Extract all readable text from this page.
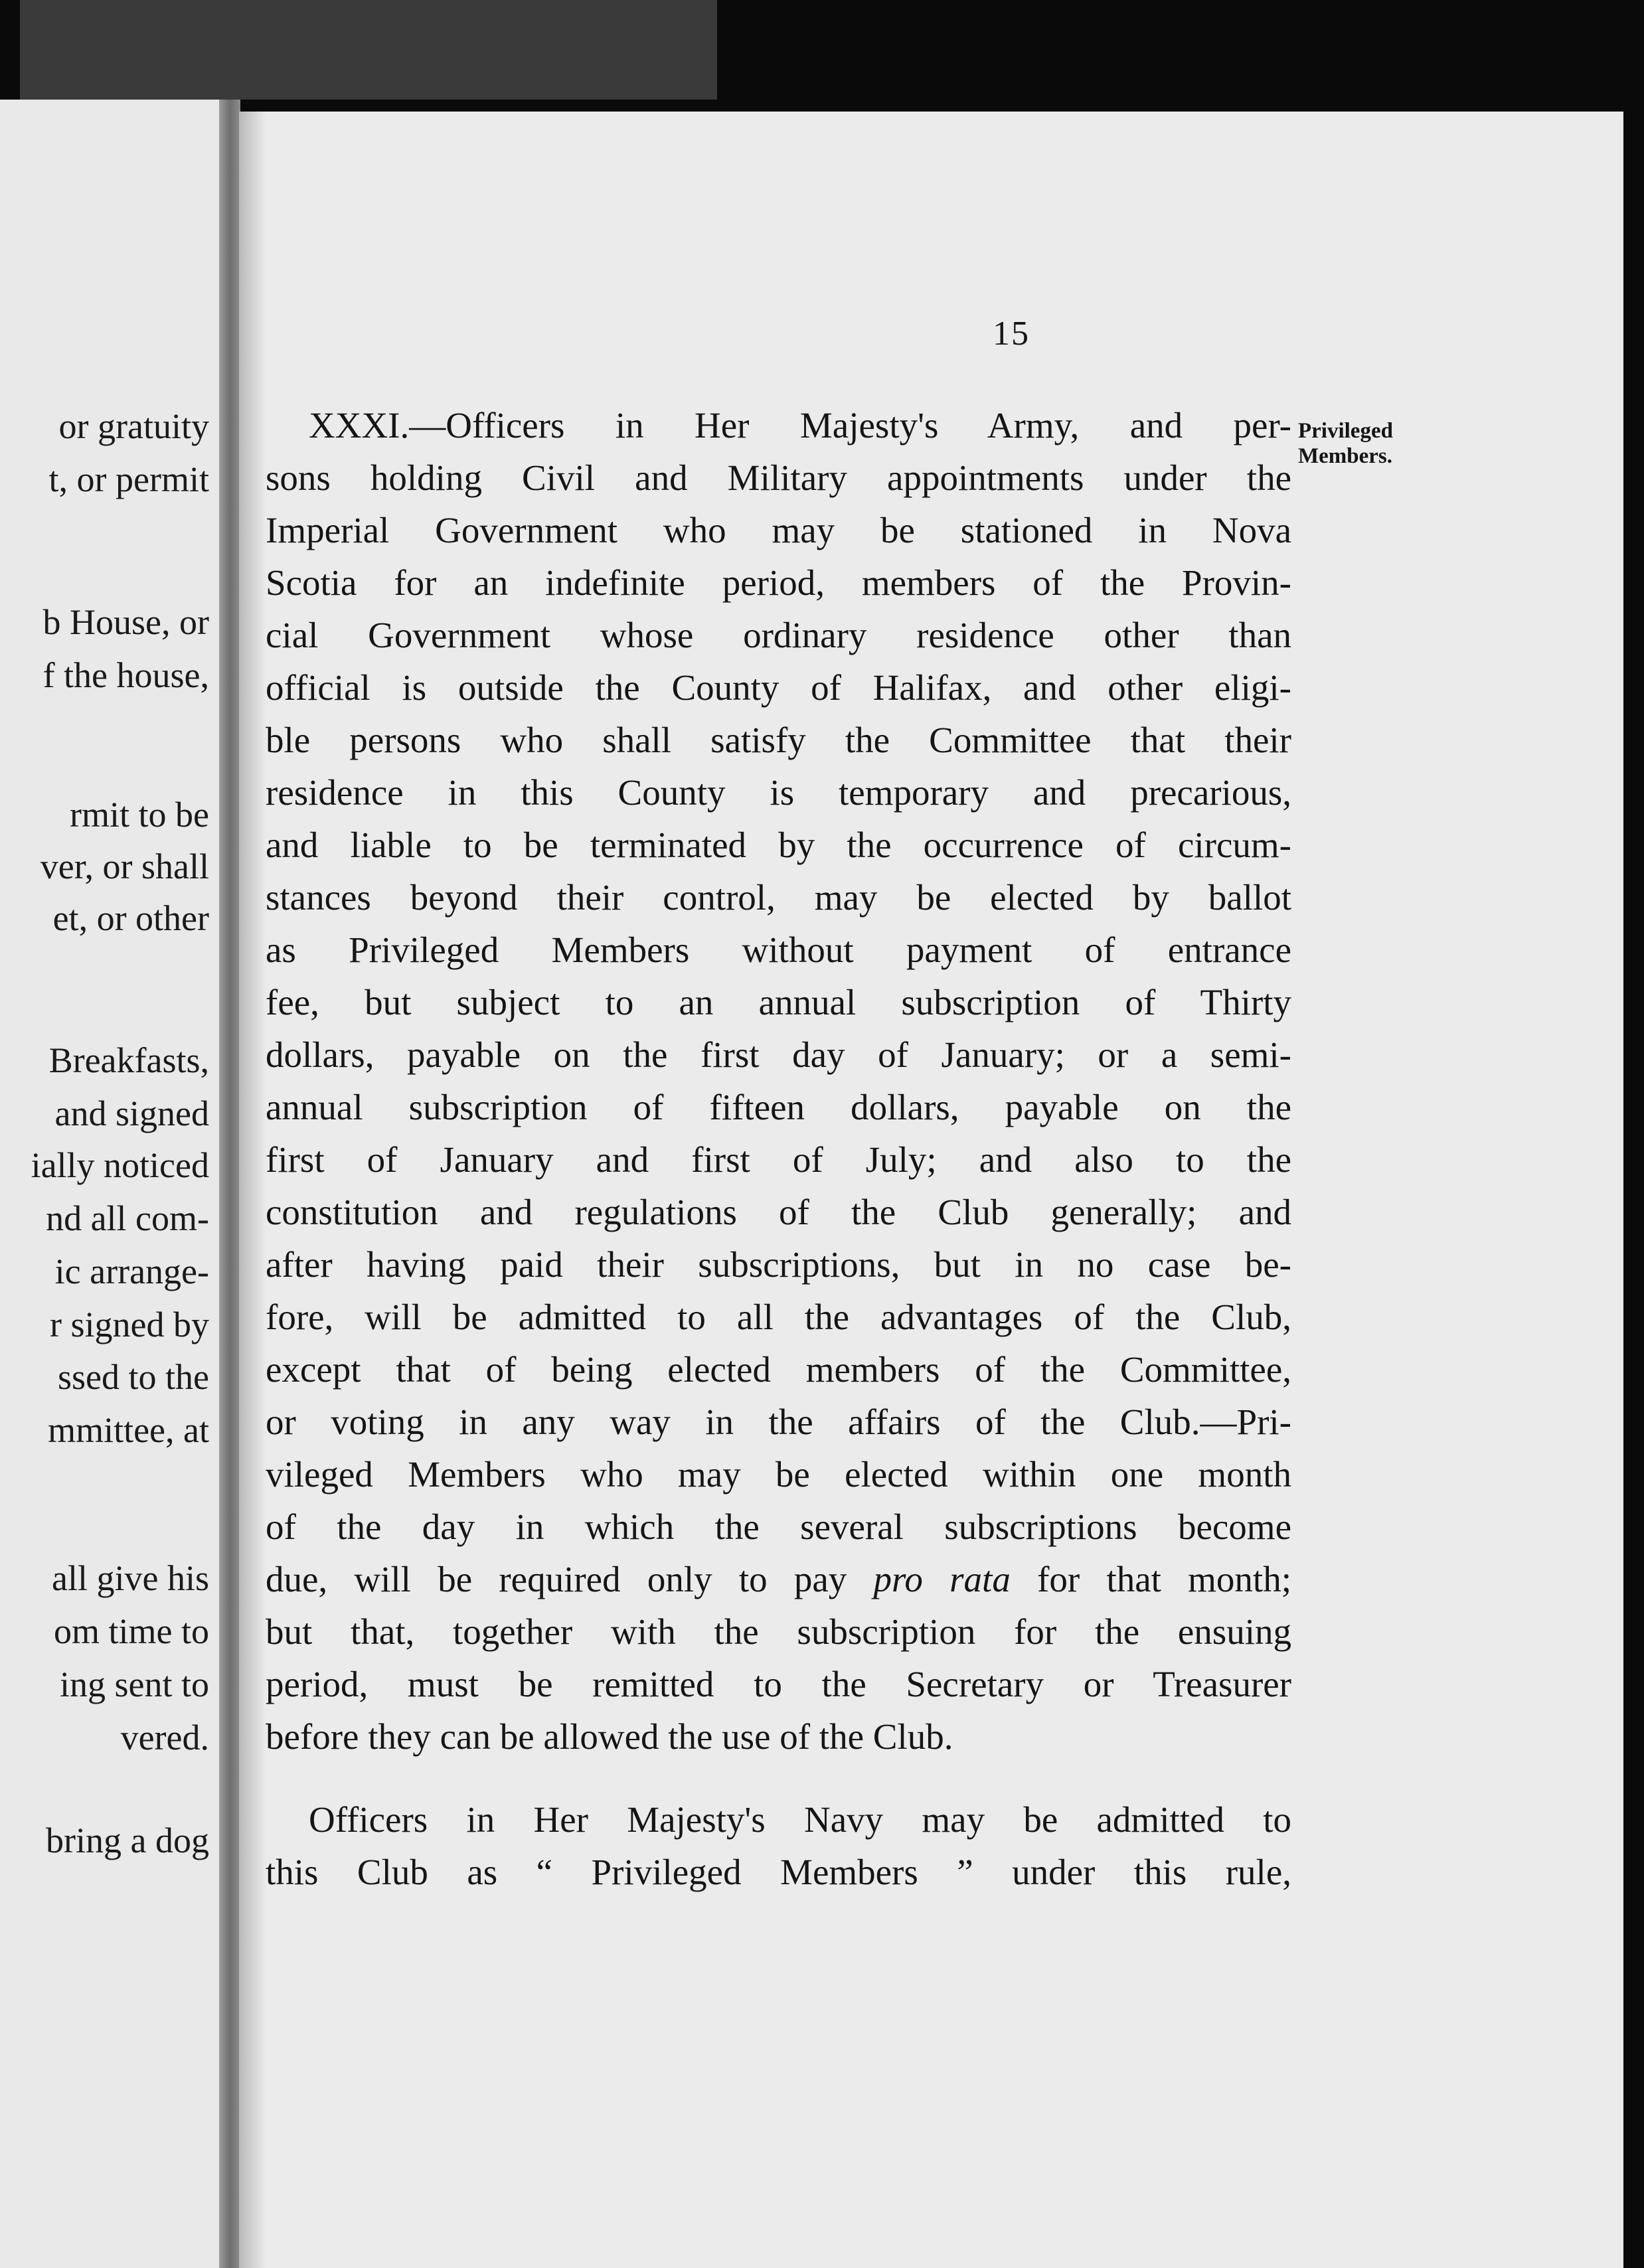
or gratuity
t, or permit
b House, or
f the house,
rmit to be
ver, or shall
et, or other
Breakfasts,
and signed
ially noticed
nd all com-
ic arrange-
r signed by
ssed to the
mmittee, at
all give his
om time to
ing sent to
vered.
bring a dog
15
Privileged
Members.
XXXI.—Officers in Her Majesty's Army, and per-
sons holding Civil and Military appointments under the
Imperial Government who may be stationed in Nova
Scotia for an indefinite period, members of the Provin-
cial Government whose ordinary residence other than
official is outside the County of Halifax, and other eligi-
ble persons who shall satisfy the Committee that their
residence in this County is temporary and precarious,
and liable to be terminated by the occurrence of circum-
stances beyond their control, may be elected by ballot
as Privileged Members without payment of entrance
fee, but subject to an annual subscription of Thirty
dollars, payable on the first day of January; or a semi-
annual subscription of fifteen dollars, payable on the
first of January and first of July; and also to the
constitution and regulations of the Club generally; and
after having paid their subscriptions, but in no case be-
fore, will be admitted to all the advantages of the Club,
except that of being elected members of the Committee,
or voting in any way in the affairs of the Club.—Pri-
vileged Members who may be elected within one month
of the day in which the several subscriptions become
due, will be required only to pay pro rata for that month;
but that, together with the subscription for the ensuing
period, must be remitted to the Secretary or Treasurer
before they can be allowed the use of the Club.
Officers in Her Majesty's Navy may be admitted to
this Club as “ Privileged Members ” under this rule,
